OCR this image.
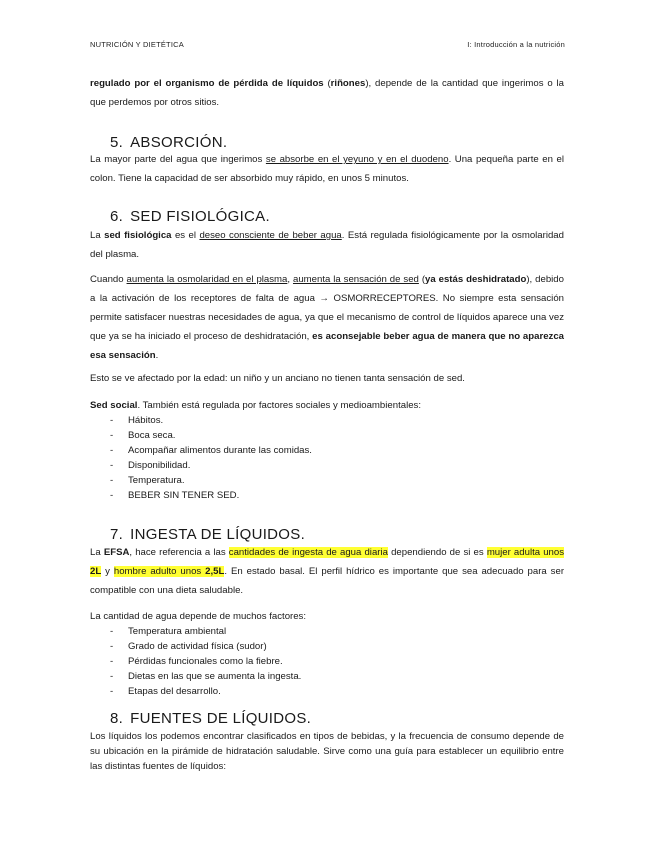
NUTRICIÓN Y DIETÉTICA	I: Introducción a la nutrición
regulado por el organismo de pérdida de líquidos (riñones), depende de la cantidad que ingerimos o la que perdemos por otros sitios.
5. ABSORCIÓN.
La mayor parte del agua que ingerimos se absorbe en el yeyuno y en el duodeno. Una pequeña parte en el colon. Tiene la capacidad de ser absorbido muy rápido, en unos 5 minutos.
6. SED FISIOLÓGICA.
La sed fisiológica es el deseo consciente de beber agua. Está regulada fisiológicamente por la osmolaridad del plasma.
Cuando aumenta la osmolaridad en el plasma, aumenta la sensación de sed (ya estás deshidratado), debido a la activación de los receptores de falta de agua → OSMORRECEPTORES. No siempre esta sensación permite satisfacer nuestras necesidades de agua, ya que el mecanismo de control de líquidos aparece una vez que ya se ha iniciado el proceso de deshidratación, es aconsejable beber agua de manera que no aparezca esa sensación.
Esto se ve afectado por la edad: un niño y un anciano no tienen tanta sensación de sed.
Sed social. También está regulada por factores sociales y medioambientales:
- Hábitos.
- Boca seca.
- Acompañar alimentos durante las comidas.
- Disponibilidad.
- Temperatura.
- BEBER SIN TENER SED.
7. INGESTA DE LÍQUIDOS.
La EFSA, hace referencia a las cantidades de ingesta de agua diaria dependiendo de si es mujer adulta unos 2L y hombre adulto unos 2,5L. En estado basal. El perfil hídrico es importante que sea adecuado para ser compatible con una dieta saludable.
La cantidad de agua depende de muchos factores:
- Temperatura ambiental
- Grado de actividad física (sudor)
- Pérdidas funcionales como la fiebre.
- Dietas en las que se aumenta la ingesta.
- Etapas del desarrollo.
8. FUENTES DE LÍQUIDOS.
Los líquidos los podemos encontrar clasificados en tipos de bebidas, y la frecuencia de consumo depende de su ubicación en la pirámide de hidratación saludable. Sirve como una guía para establecer un equilibrio entre las distintas fuentes de líquidos:
